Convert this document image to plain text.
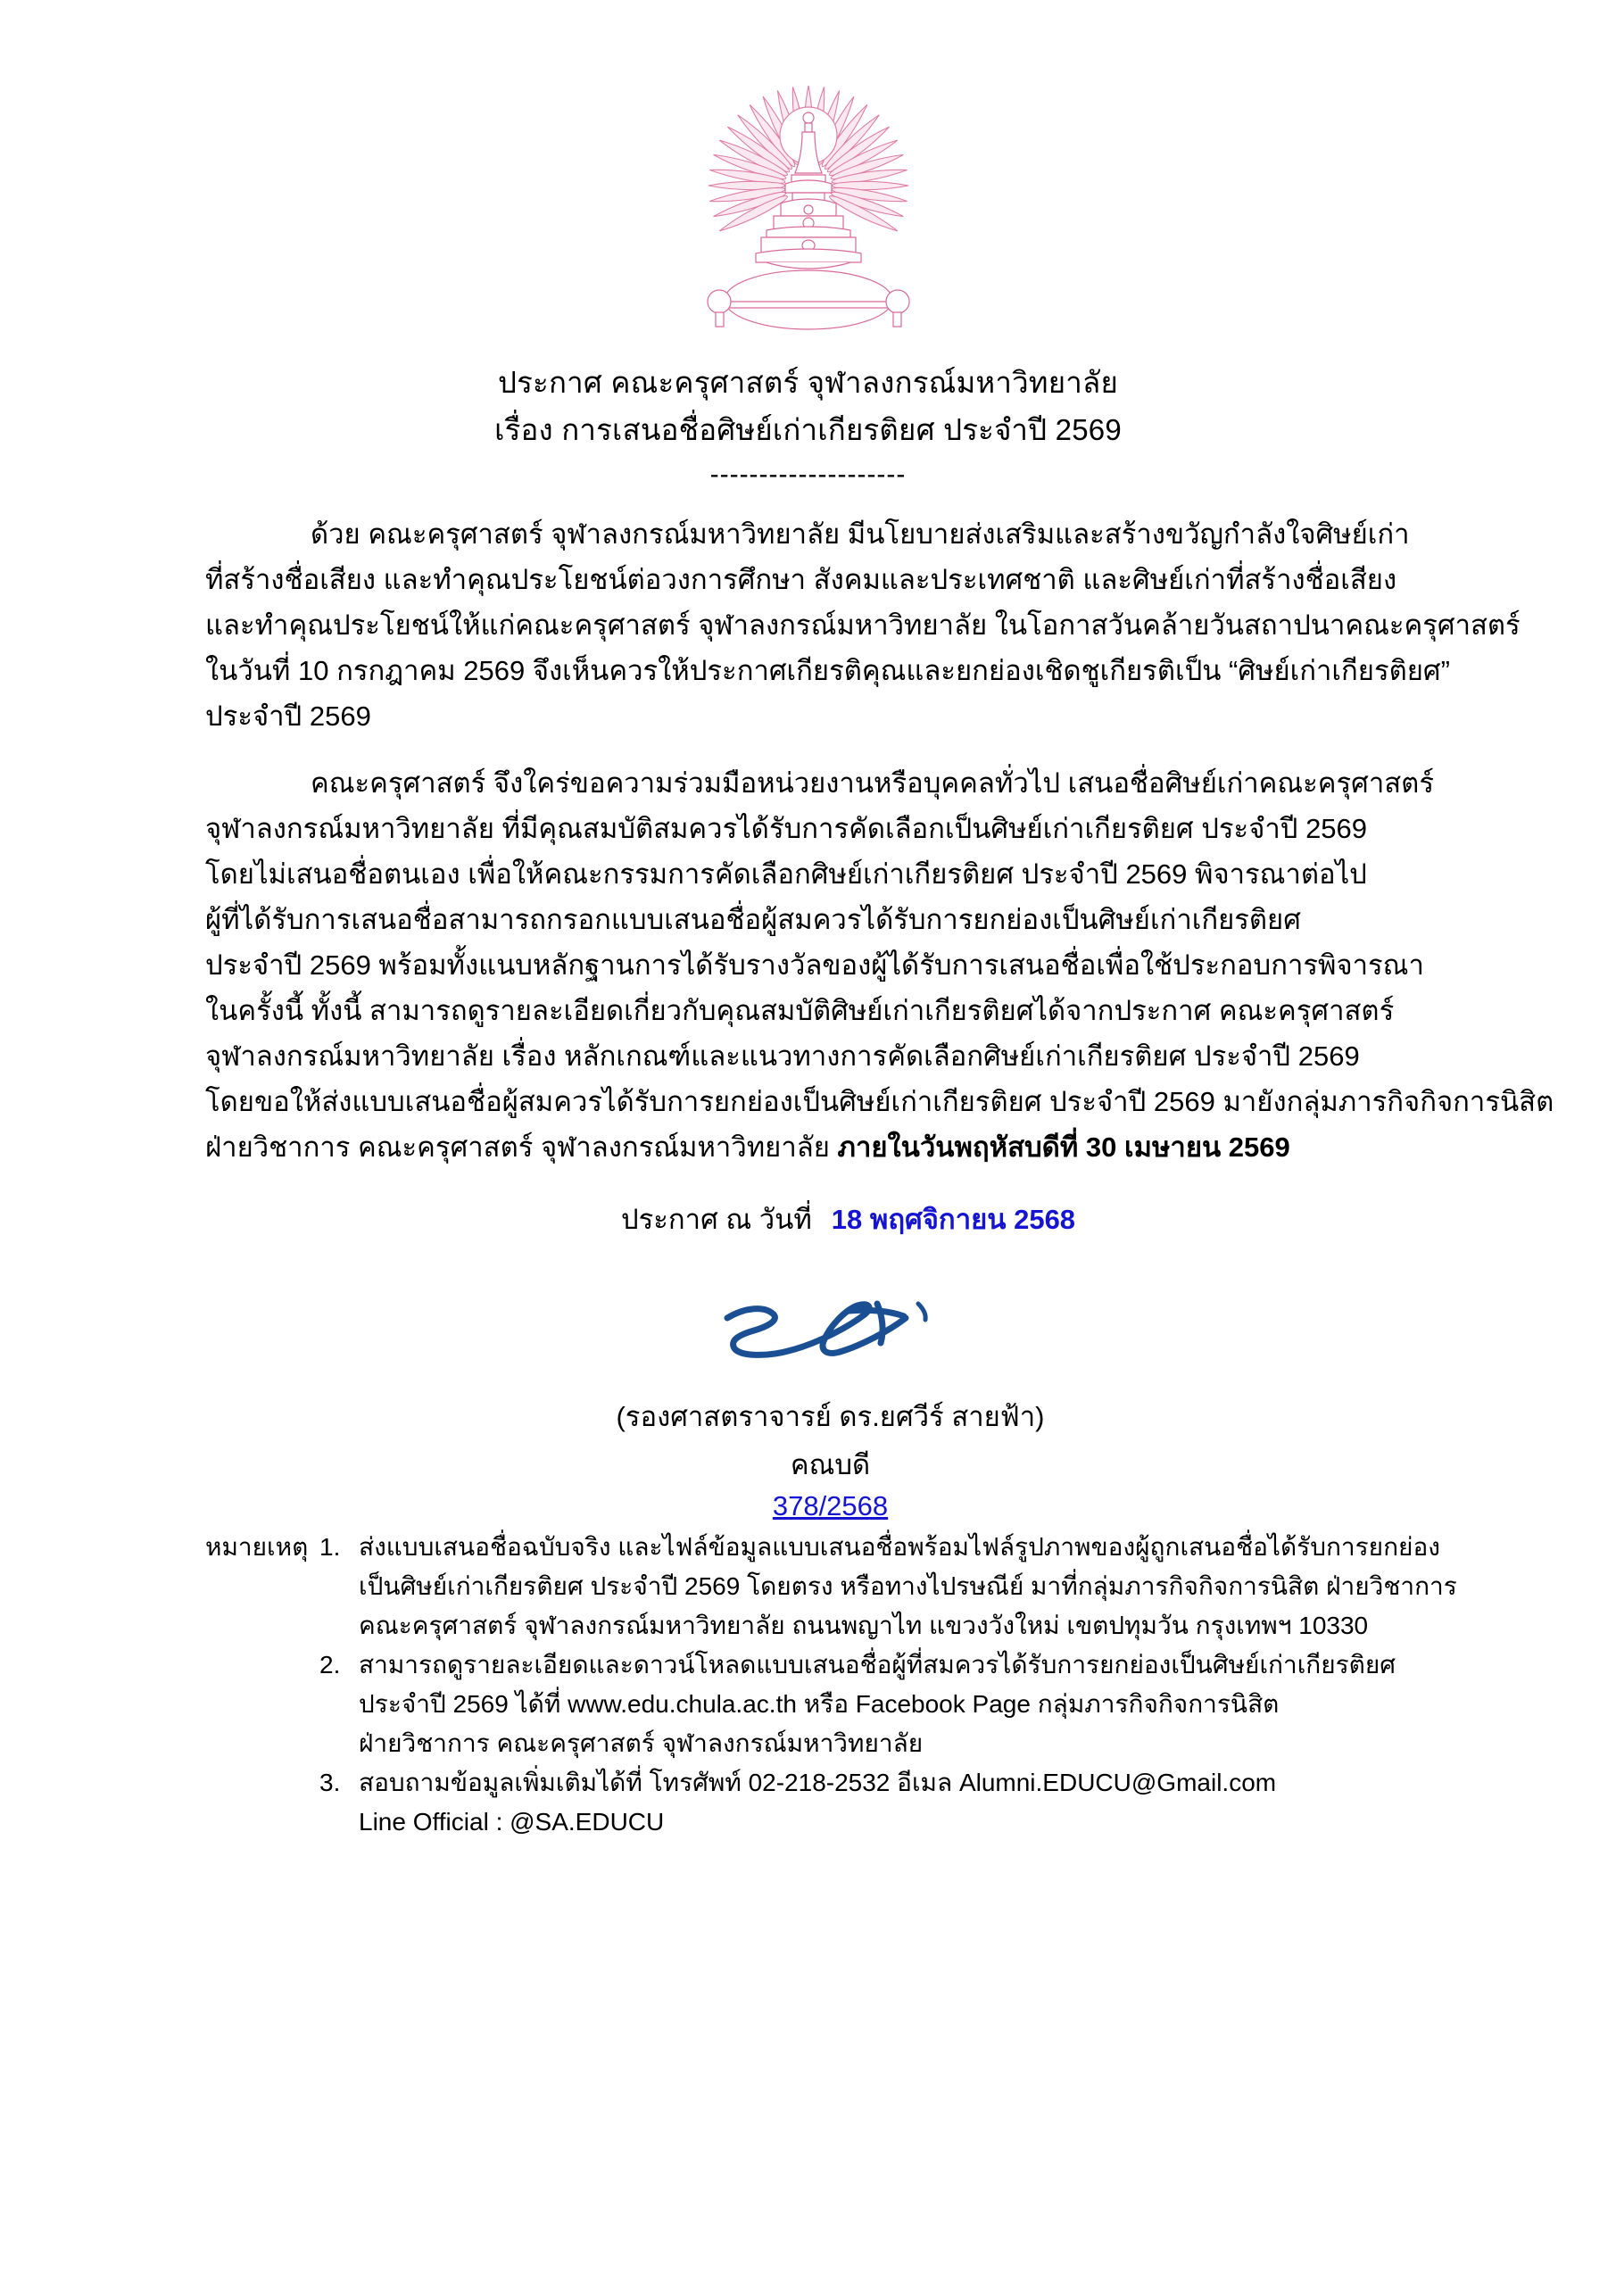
ประกาศ คณะครุศาสตร์ จุฬาลงกรณ์มหาวิทยาลัย
เรื่อง การเสนอชื่อศิษย์เก่าเกียรติยศ ประจำปี 2569
--------------------
ด้วย คณะครุศาสตร์ จุฬาลงกรณ์มหาวิทยาลัย มีนโยบายส่งเสริมและสร้างขวัญกำลังใจศิษย์เก่า
ที่สร้างชื่อเสียง และทำคุณประโยชน์ต่อวงการศึกษา สังคมและประเทศชาติ และศิษย์เก่าที่สร้างชื่อเสียง
และทำคุณประโยชน์ให้แก่คณะครุศาสตร์ จุฬาลงกรณ์มหาวิทยาลัย ในโอกาสวันคล้ายวันสถาปนาคณะครุศาสตร์
ในวันที่ 10 กรกฎาคม 2569 จึงเห็นควรให้ประกาศเกียรติคุณและยกย่องเชิดชูเกียรติเป็น “ศิษย์เก่าเกียรติยศ”
ประจำปี 2569
คณะครุศาสตร์ จึงใคร่ขอความร่วมมือหน่วยงานหรือบุคคลทั่วไป เสนอชื่อศิษย์เก่าคณะครุศาสตร์
จุฬาลงกรณ์มหาวิทยาลัย ที่มีคุณสมบัติสมควรได้รับการคัดเลือกเป็นศิษย์เก่าเกียรติยศ ประจำปี 2569
โดยไม่เสนอชื่อตนเอง เพื่อให้คณะกรรมการคัดเลือกศิษย์เก่าเกียรติยศ ประจำปี 2569 พิจารณาต่อไป
ผู้ที่ได้รับการเสนอชื่อสามารถกรอกแบบเสนอชื่อผู้สมควรได้รับการยกย่องเป็นศิษย์เก่าเกียรติยศ
ประจำปี 2569 พร้อมทั้งแนบหลักฐานการได้รับรางวัลของผู้ได้รับการเสนอชื่อเพื่อใช้ประกอบการพิจารณา
ในครั้งนี้ ทั้งนี้ สามารถดูรายละเอียดเกี่ยวกับคุณสมบัติศิษย์เก่าเกียรติยศได้จากประกาศ คณะครุศาสตร์
จุฬาลงกรณ์มหาวิทยาลัย เรื่อง หลักเกณฑ์และแนวทางการคัดเลือกศิษย์เก่าเกียรติยศ ประจำปี 2569
โดยขอให้ส่งแบบเสนอชื่อผู้สมควรได้รับการยกย่องเป็นศิษย์เก่าเกียรติยศ ประจำปี 2569 มายังกลุ่มภารกิจกิจการนิสิต
ฝ่ายวิชาการ คณะครุศาสตร์ จุฬาลงกรณ์มหาวิทยาลัย ภายในวันพฤหัสบดีที่ 30 เมษายน 2569
ประกาศ ณ วันที่ 18 พฤศจิกายน 2568
(รองศาสตราจารย์ ดร.ยศวีร์ สายฟ้า)
คณบดี
378/2568
หมายเหตุ 1. ส่งแบบเสนอชื่อฉบับจริง และไฟล์ข้อมูลแบบเสนอชื่อพร้อมไฟล์รูปภาพของผู้ถูกเสนอชื่อได้รับการยกย่อง
เป็นศิษย์เก่าเกียรติยศ ประจำปี 2569 โดยตรง หรือทางไปรษณีย์ มาที่กลุ่มภารกิจกิจการนิสิต ฝ่ายวิชาการ
คณะครุศาสตร์ จุฬาลงกรณ์มหาวิทยาลัย ถนนพญาไท แขวงวังใหม่ เขตปทุมวัน กรุงเทพฯ 10330
2. สามารถดูรายละเอียดและดาวน์โหลดแบบเสนอชื่อผู้ที่สมควรได้รับการยกย่องเป็นศิษย์เก่าเกียรติยศ
ประจำปี 2569 ได้ที่ www.edu.chula.ac.th หรือ Facebook Page กลุ่มภารกิจกิจการนิสิต
ฝ่ายวิชาการ คณะครุศาสตร์ จุฬาลงกรณ์มหาวิทยาลัย
3. สอบถามข้อมูลเพิ่มเติมได้ที่ โทรศัพท์ 02-218-2532 อีเมล Alumni.EDUCU@Gmail.com
Line Official : @SA.EDUCU
